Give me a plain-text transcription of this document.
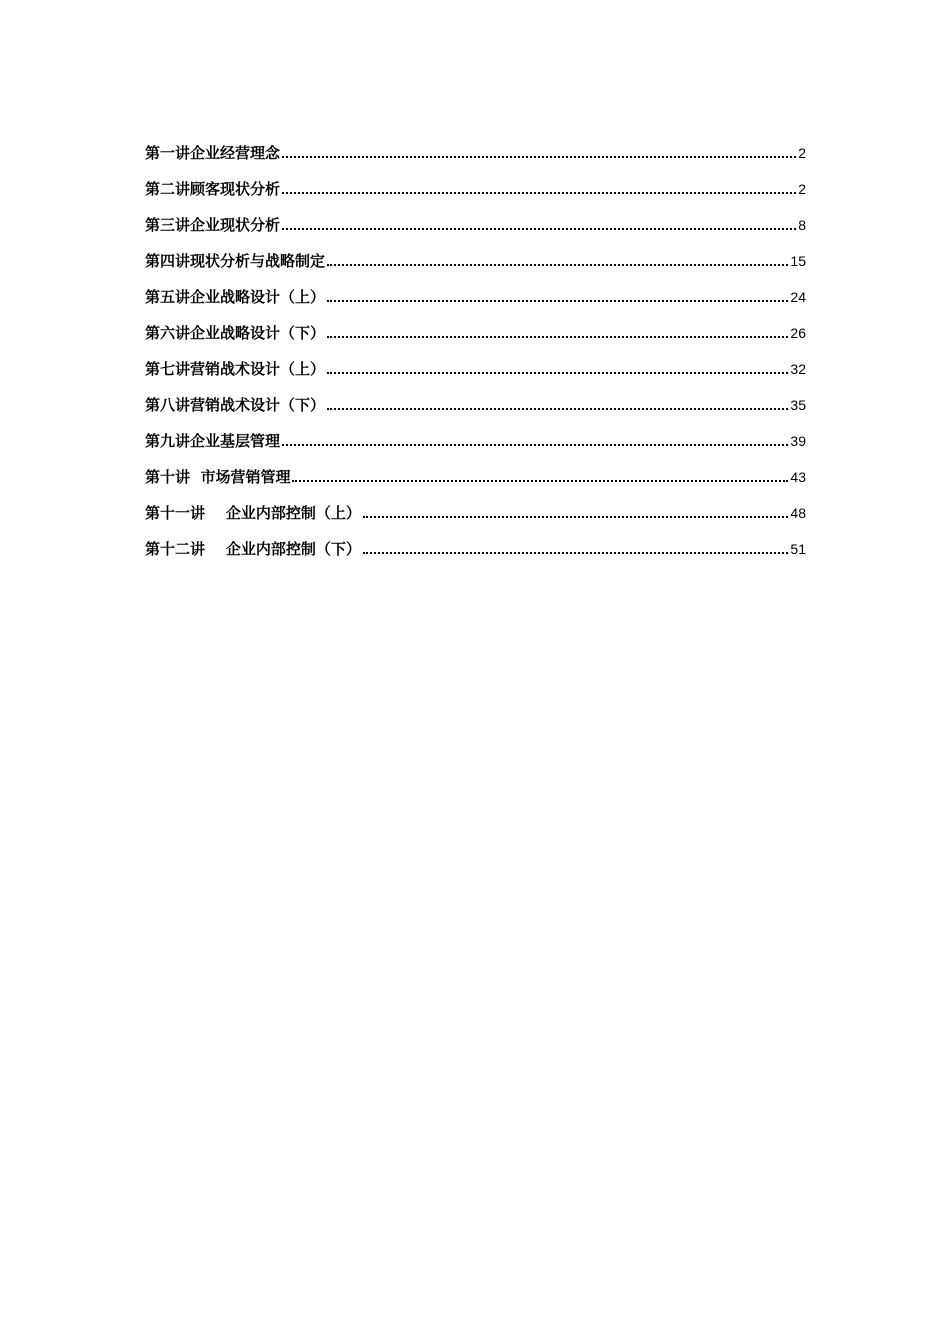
第一讲企业经营理念	2
第二讲顾客现状分析	2
第三讲企业现状分析	8
第四讲现状分析与战略制定	15
第五讲企业战略设计（上）	24
第六讲企业战略设计（下）	26
第七讲营销战术设计（上）	32
第八讲营销战术设计（下）	35
第九讲企业基层管理	39
第十讲  市场营销管理	43
第十一讲    企业内部控制（上）	48
第十二讲    企业内部控制（下）	51
